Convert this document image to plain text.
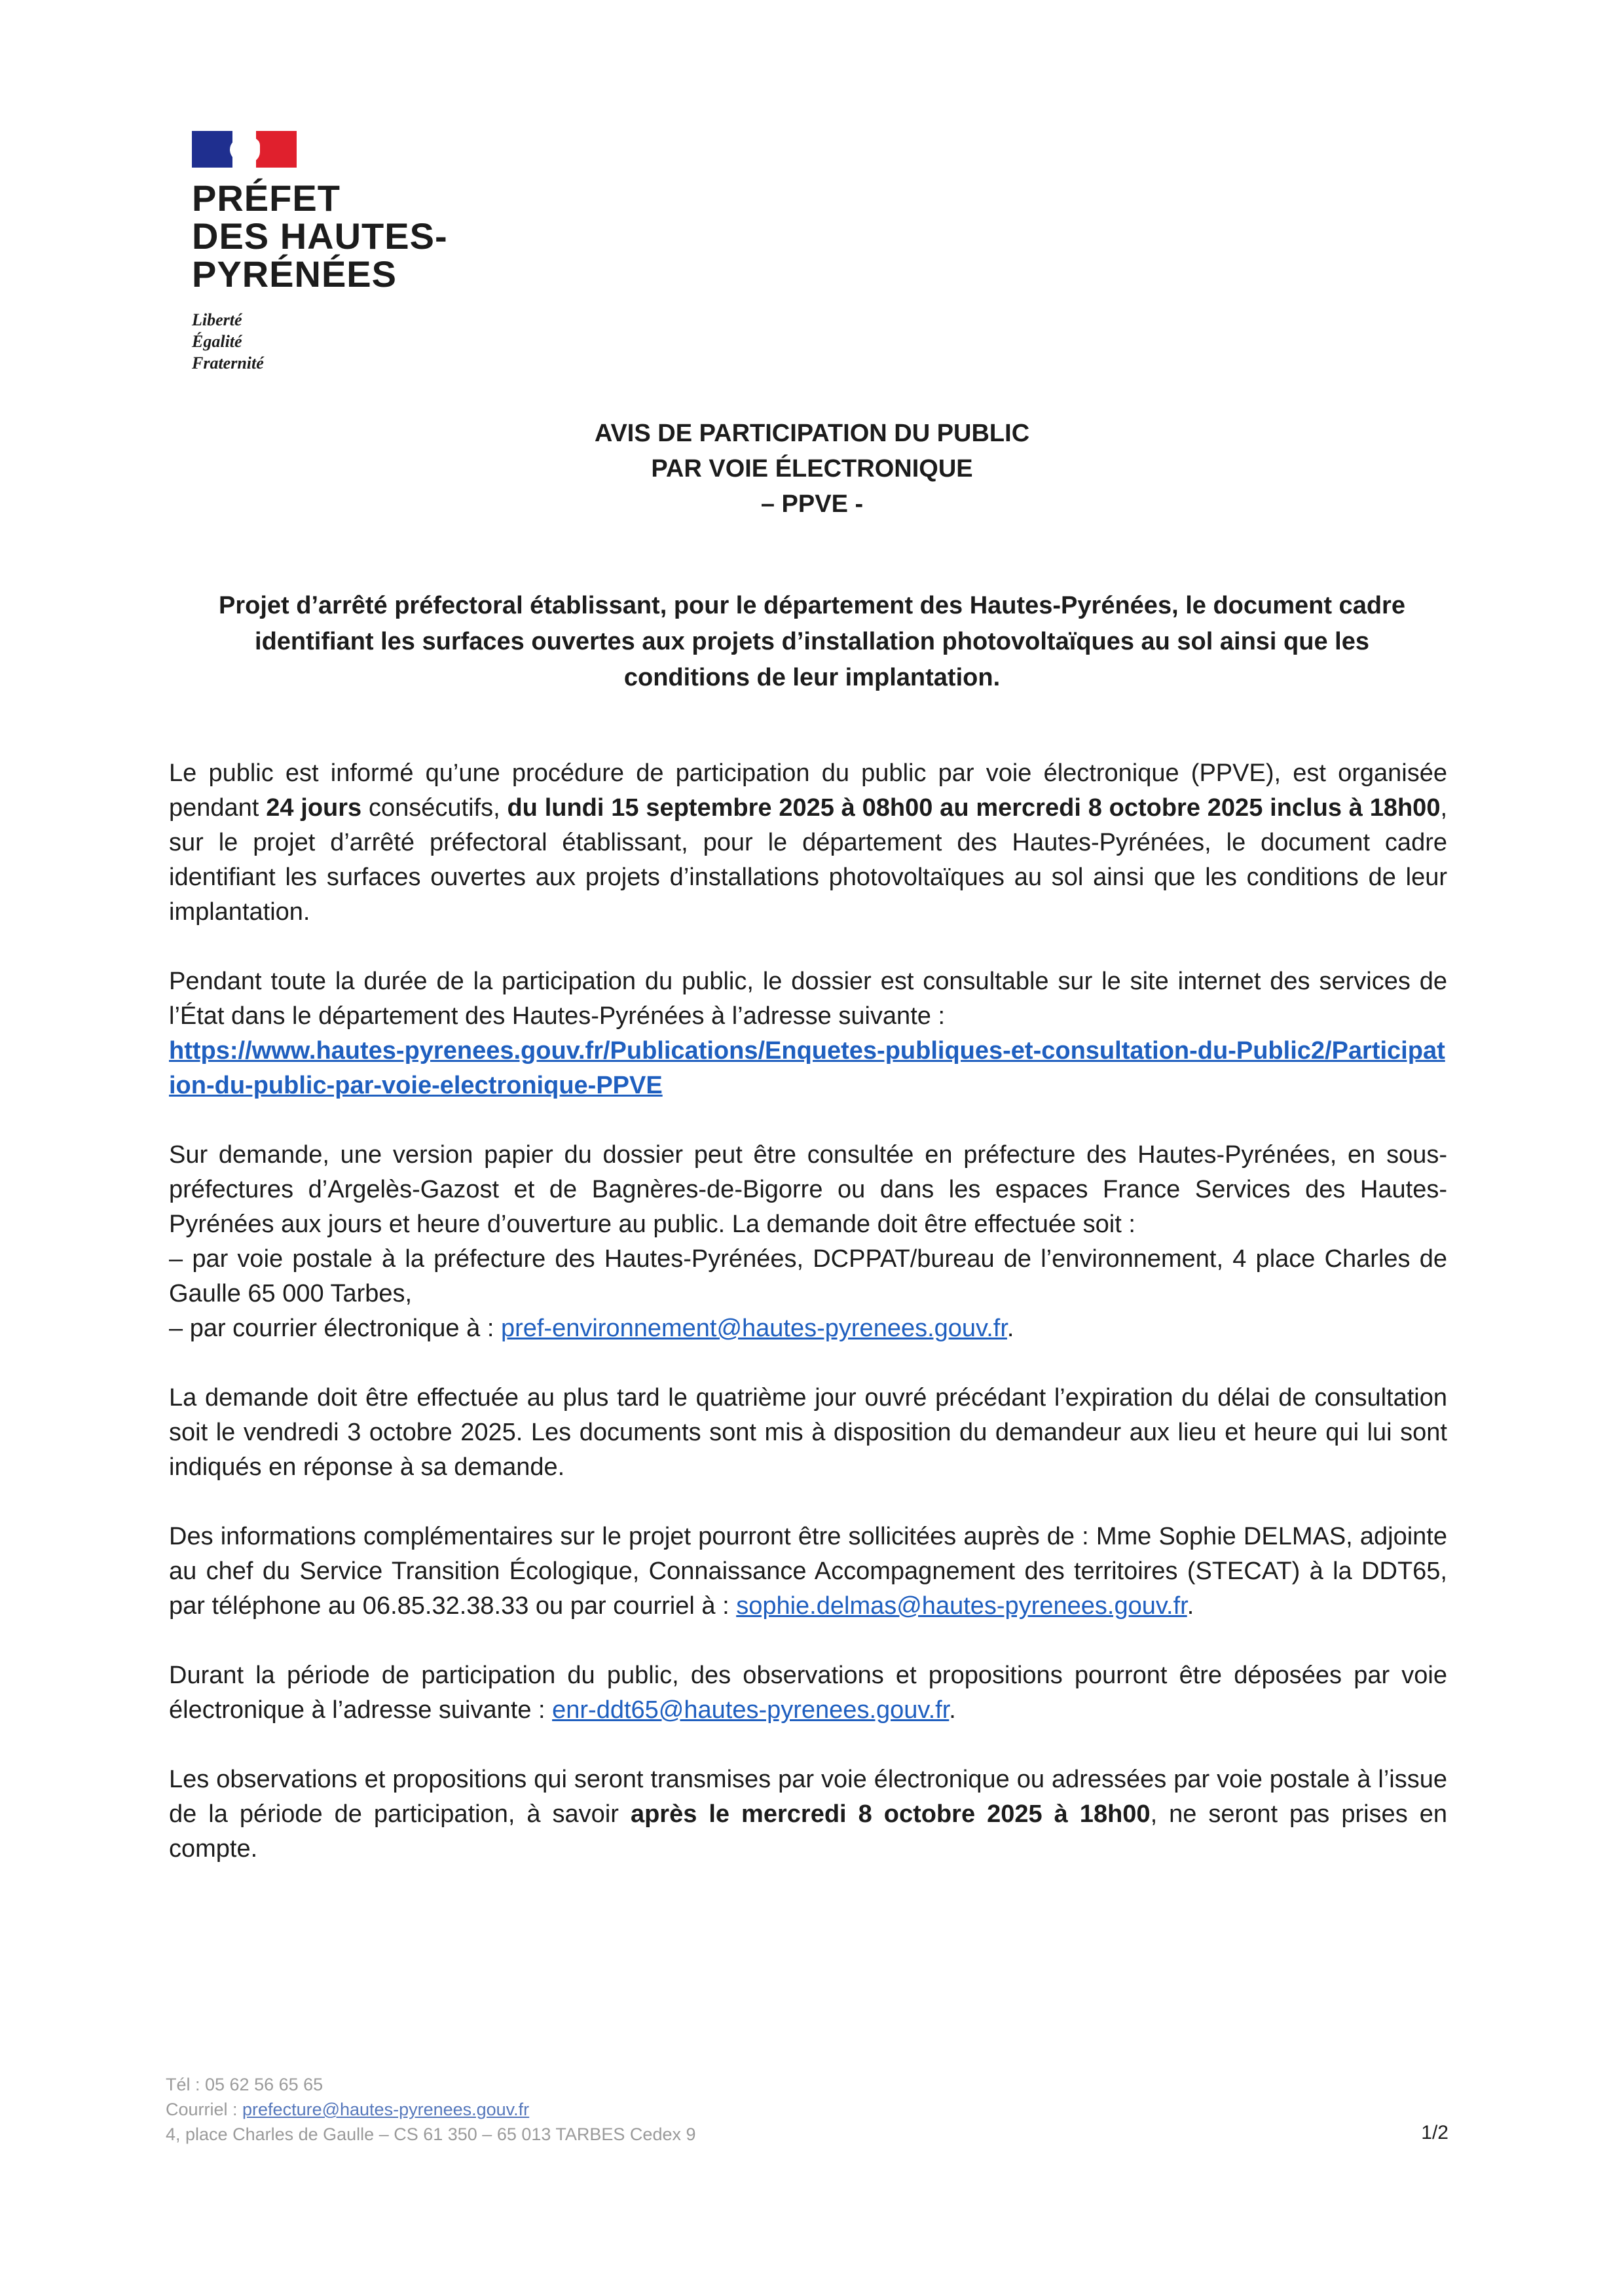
PRÉFET
DES HAUTES-
PYRÉNÉES
Liberté
Égalité
Fraternité
AVIS DE PARTICIPATION DU PUBLIC
PAR VOIE ÉLECTRONIQUE
– PPVE -
Projet d’arrêté préfectoral établissant, pour le département des Hautes-Pyrénées, le document cadre identifiant les surfaces ouvertes aux projets d’installation photovoltaïques au sol ainsi que les conditions de leur implantation.

Le public est informé qu’une procédure de participation du public par voie électronique (PPVE), est organisée pendant 24 jours consécutifs, du lundi 15 septembre 2025 à 08h00 au mercredi 8 octobre 2025 inclus à 18h00, sur le projet d’arrêté préfectoral établissant, pour le département des Hautes-Pyrénées, le document cadre identifiant les surfaces ouvertes aux projets d’installations photovoltaïques au sol ainsi que les conditions de leur implantation.

Pendant toute la durée de la participation du public, le dossier est consultable sur le site internet des services de l’État dans le département des Hautes-Pyrénées à l’adresse suivante :
https://www.hautes-pyrenees.gouv.fr/Publications/Enquetes-publiques-et-consultation-du-Public2/Participation-du-public-par-voie-electronique-PPVE

Sur demande, une version papier du dossier peut être consultée en préfecture des Hautes-Pyrénées, en sous-préfectures d’Argelès-Gazost et de Bagnères-de-Bigorre ou dans les espaces France Services des Hautes-Pyrénées aux jours et heure d’ouverture au public. La demande doit être effectuée soit :

– par voie postale à la préfecture des Hautes-Pyrénées, DCPPAT/bureau de l’environnement, 4 place Charles de Gaulle 65 000 Tarbes,

– par courrier électronique à : pref-environnement@hautes-pyrenees.gouv.fr.

La demande doit être effectuée au plus tard le quatrième jour ouvré précédant l’expiration du délai de consultation soit le vendredi 3 octobre 2025. Les documents sont mis à disposition du demandeur aux lieu et heure qui lui sont indiqués en réponse à sa demande.

Des informations complémentaires sur le projet pourront être sollicitées auprès de : Mme Sophie DELMAS, adjointe au chef du Service Transition Écologique, Connaissance Accompagnement des territoires (STECAT) à la DDT65, par téléphone au 06.85.32.38.33 ou par courriel à : sophie.delmas@hautes-pyrenees.gouv.fr.

Durant la période de participation du public, des observations et propositions pourront être déposées par voie électronique à l’adresse suivante : enr-ddt65@hautes-pyrenees.gouv.fr.

Les observations et propositions qui seront transmises par voie électronique ou adressées par voie postale à l’issue de la période de participation, à savoir après le mercredi 8 octobre 2025 à 18h00, ne seront pas prises en compte.

Tél : 05 62 56 65 65
Courriel : prefecture@hautes-pyrenees.gouv.fr
4, place Charles de Gaulle – CS 61 350 – 65 013 TARBES Cedex 9	1/2
